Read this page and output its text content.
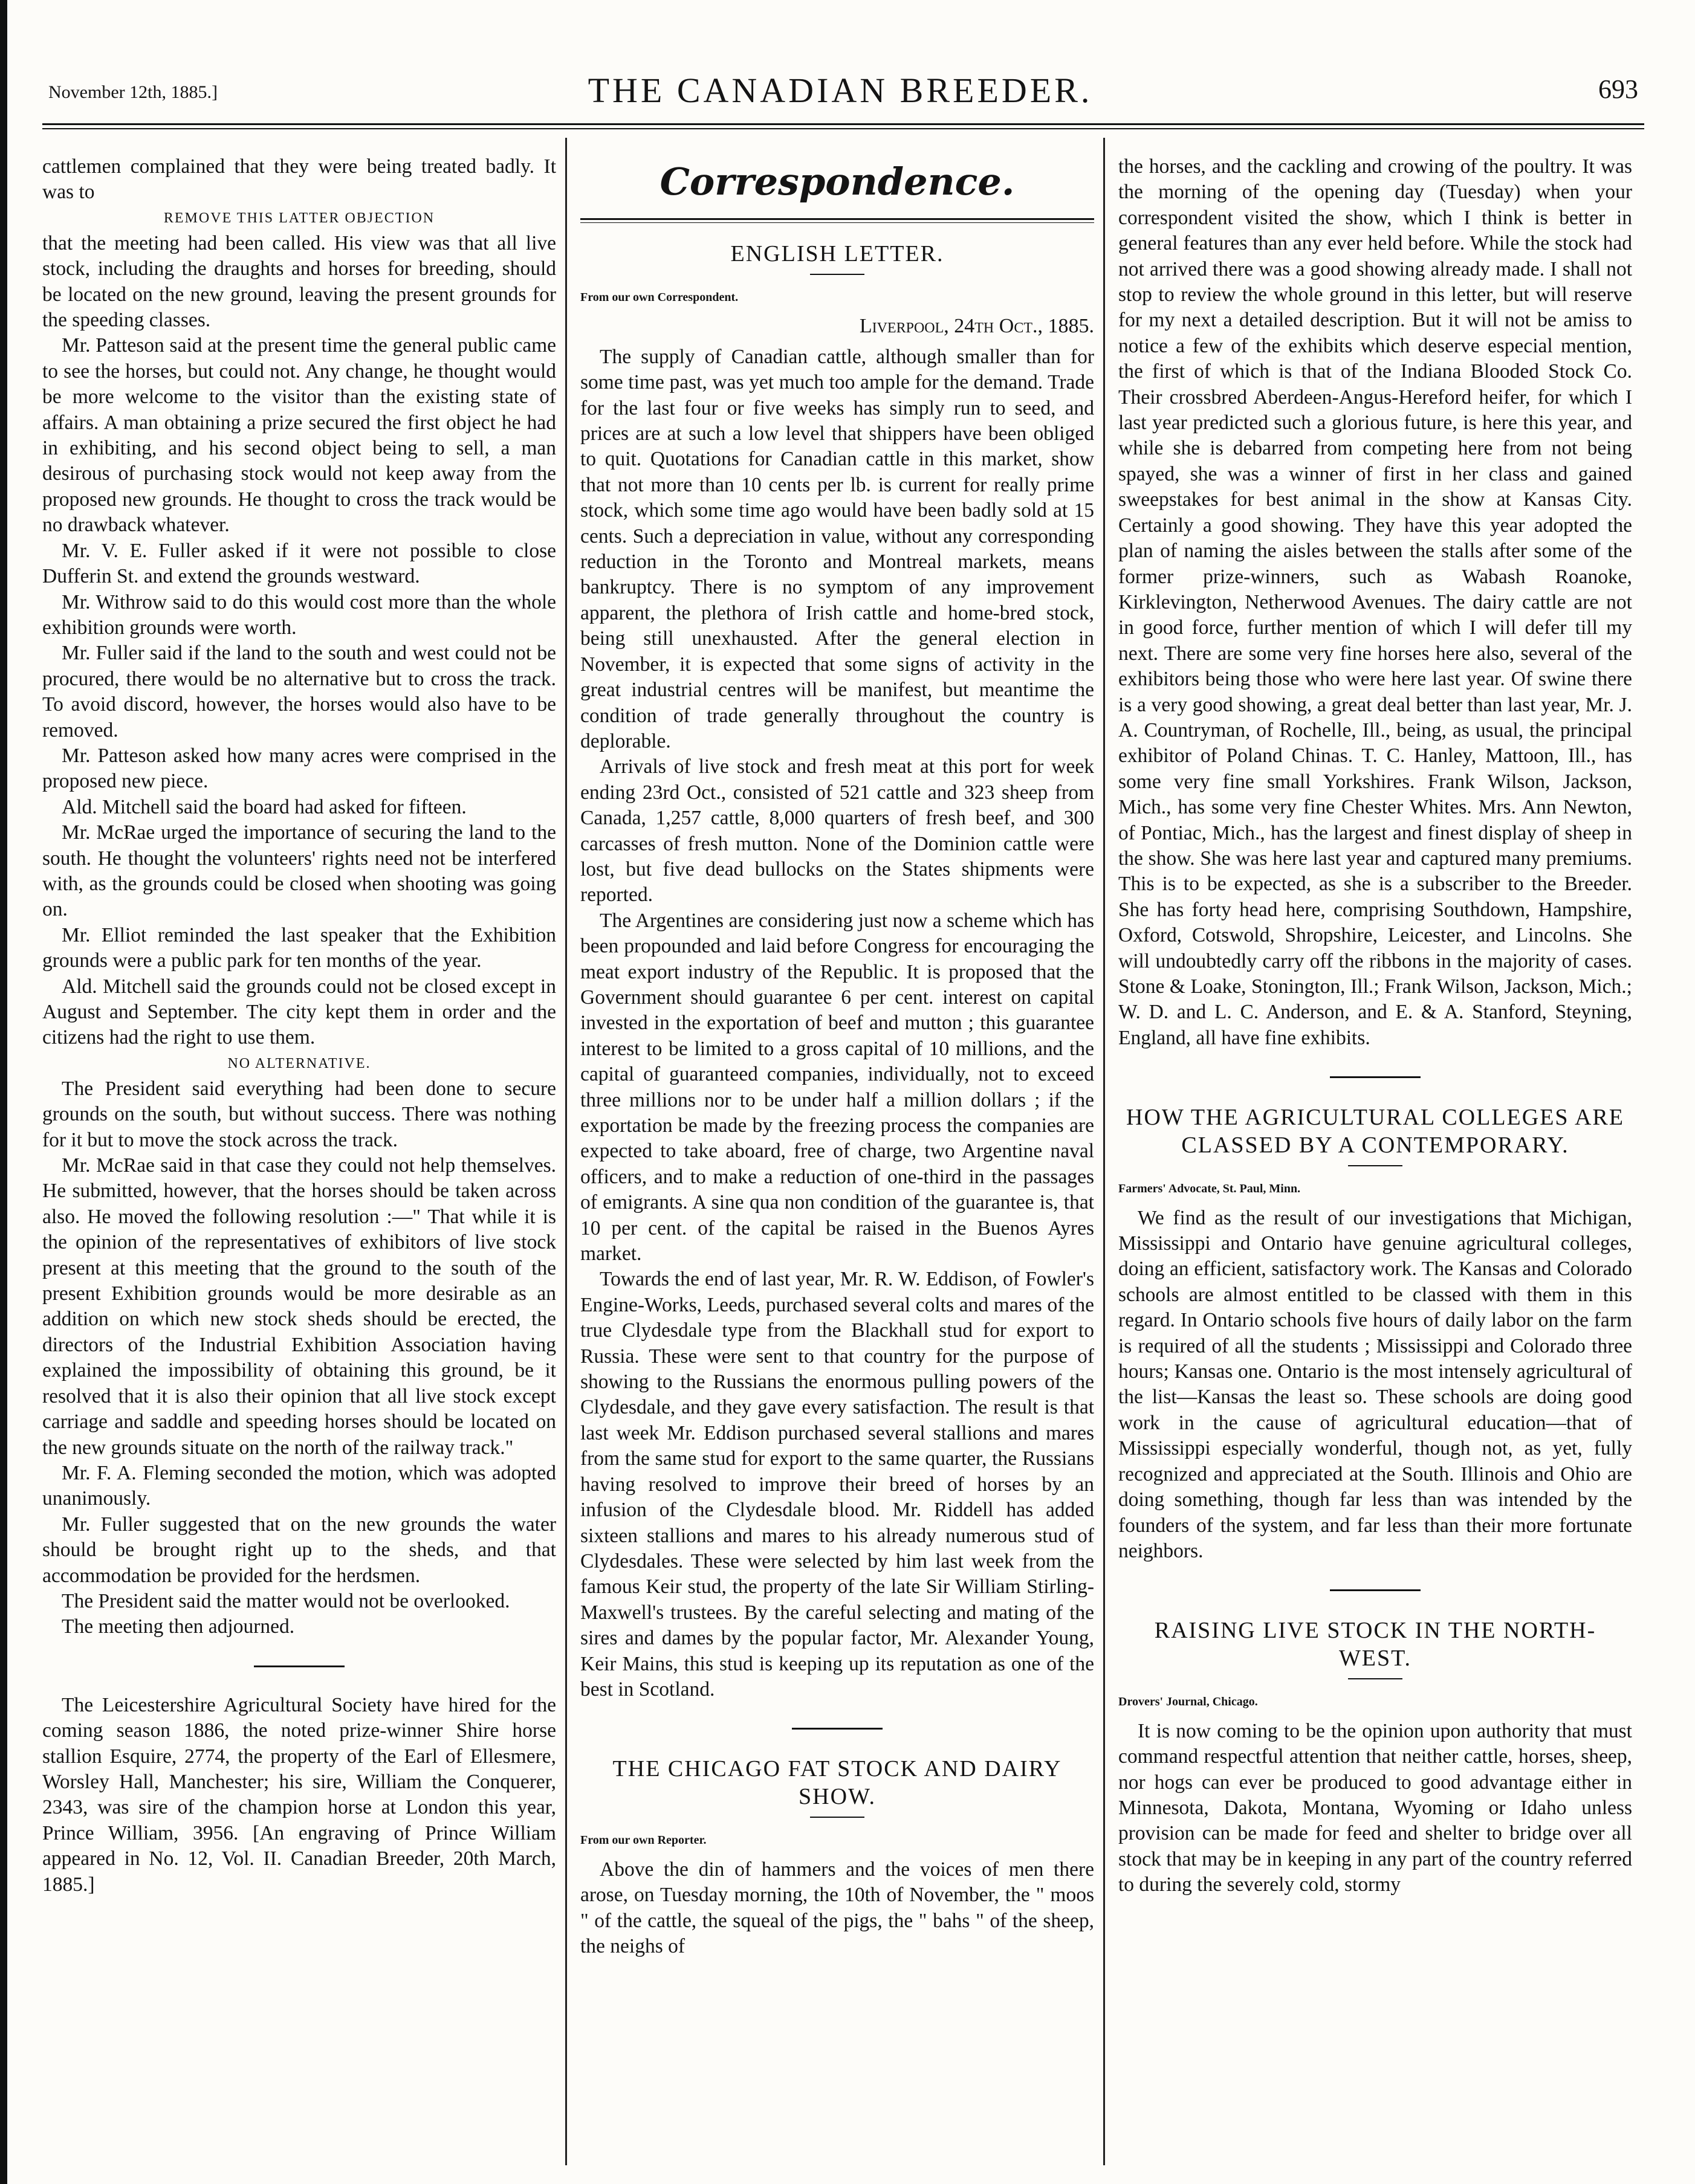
November 12th, 1885.]	THE CANADIAN BREEDER.	693

cattlemen complained that they were being treated badly. It was to

REMOVE THIS LATTER OBJECTION

that the meeting had been called. His view was that all live stock, including the draughts and horses for breeding, should be located on the new ground, leaving the present grounds for the speeding classes.

Mr. Patteson said at the present time the general public came to see the horses, but could not. Any change, he thought would be more welcome to the visitor than the existing state of affairs. A man obtaining a prize secured the first object he had in exhibiting, and his second object being to sell, a man desirous of purchasing stock would not keep away from the proposed new grounds. He thought to cross the track would be no drawback whatever.

Mr. V. E. Fuller asked if it were not possible to close Dufferin St. and extend the grounds westward.

Mr. Withrow said to do this would cost more than the whole exhibition grounds were worth.

Mr. Fuller said if the land to the south and west could not be procured, there would be no alternative but to cross the track. To avoid discord, however, the horses would also have to be removed.

Mr. Patteson asked how many acres were comprised in the proposed new piece.

Ald. Mitchell said the board had asked for fifteen.

Mr. McRae urged the importance of securing the land to the south. He thought the volunteers' rights need not be interfered with, as the grounds could be closed when shooting was going on.

Mr. Elliot reminded the last speaker that the Exhibition grounds were a public park for ten months of the year.

Ald. Mitchell said the grounds could not be closed except in August and September. The city kept them in order and the citizens had the right to use them.

NO ALTERNATIVE.

The President said everything had been done to secure grounds on the south, but without success. There was nothing for it but to move the stock across the track.

Mr. McRae said in that case they could not help themselves. He submitted, however, that the horses should be taken across also. He moved the following resolution :—" That while it is the opinion of the representatives of exhibitors of live stock present at this meeting that the ground to the south of the present Exhibition grounds would be more desirable as an addition on which new stock sheds should be erected, the directors of the Industrial Exhibition Association having explained the impossibility of obtaining this ground, be it resolved that it is also their opinion that all live stock except carriage and saddle and speeding horses should be located on the new grounds situate on the north of the railway track."

Mr. F. A. Fleming seconded the motion, which was adopted unanimously.

Mr. Fuller suggested that on the new grounds the water should be brought right up to the sheds, and that accommodation be provided for the herdsmen.

The President said the matter would not be overlooked.

The meeting then adjourned.

The Leicestershire Agricultural Society have hired for the coming season 1886, the noted prize-winner Shire horse stallion Esquire, 2774, the property of the Earl of Ellesmere, Worsley Hall, Manchester; his sire, William the Conquerer, 2343, was sire of the champion horse at London this year, Prince William, 3956. [An engraving of Prince William appeared in No. 12, Vol. II. Canadian Breeder, 20th March, 1885.]

Correspondence.
ENGLISH LETTER.
From our own Correspondent.
Liverpool, 24th Oct., 1885.

The supply of Canadian cattle, although smaller than for some time past, was yet much too ample for the demand. Trade for the last four or five weeks has simply run to seed, and prices are at such a low level that shippers have been obliged to quit. Quotations for Canadian cattle in this market, show that not more than 10 cents per lb. is current for really prime stock, which some time ago would have been badly sold at 15 cents. Such a depreciation in value, without any corresponding reduction in the Toronto and Montreal markets, means bankruptcy. There is no symptom of any improvement apparent, the plethora of Irish cattle and home-bred stock, being still unexhausted. After the general election in November, it is expected that some signs of activity in the great industrial centres will be manifest, but meantime the condition of trade generally throughout the country is deplorable.

Arrivals of live stock and fresh meat at this port for week ending 23rd Oct., consisted of 521 cattle and 323 sheep from Canada, 1,257 cattle, 8,000 quarters of fresh beef, and 300 carcasses of fresh mutton. None of the Dominion cattle were lost, but five dead bullocks on the States shipments were reported.

The Argentines are considering just now a scheme which has been propounded and laid before Congress for encouraging the meat export industry of the Republic. It is proposed that the Government should guarantee 6 per cent. interest on capital invested in the exportation of beef and mutton ; this guarantee interest to be limited to a gross capital of 10 millions, and the capital of guaranteed companies, individually, not to exceed three millions nor to be under half a million dollars ; if the exportation be made by the freezing process the companies are expected to take aboard, free of charge, two Argentine naval officers, and to make a reduction of one-third in the passages of emigrants. A sine qua non condition of the guarantee is, that 10 per cent. of the capital be raised in the Buenos Ayres market.

Towards the end of last year, Mr. R. W. Eddison, of Fowler's Engine-Works, Leeds, purchased several colts and mares of the true Clydesdale type from the Blackhall stud for export to Russia. These were sent to that country for the purpose of showing to the Russians the enormous pulling powers of the Clydesdale, and they gave every satisfaction. The result is that last week Mr. Eddison purchased several stallions and mares from the same stud for export to the same quarter, the Russians having resolved to improve their breed of horses by an infusion of the Clydesdale blood. Mr. Riddell has added sixteen stallions and mares to his already numerous stud of Clydesdales. These were selected by him last week from the famous Keir stud, the property of the late Sir William Stirling-Maxwell's trustees. By the careful selecting and mating of the sires and dames by the popular factor, Mr. Alexander Young, Keir Mains, this stud is keeping up its reputation as one of the best in Scotland.

THE CHICAGO FAT STOCK AND DAIRY SHOW.
From our own Reporter.

Above the din of hammers and the voices of men there arose, on Tuesday morning, the 10th of November, the " moos " of the cattle, the squeal of the pigs, the " bahs " of the sheep, the neighs of

the horses, and the cackling and crowing of the poultry. It was the morning of the opening day (Tuesday) when your correspondent visited the show, which I think is better in general features than any ever held before. While the stock had not arrived there was a good showing already made. I shall not stop to review the whole ground in this letter, but will reserve for my next a detailed description. But it will not be amiss to notice a few of the exhibits which deserve especial mention, the first of which is that of the Indiana Blooded Stock Co. Their crossbred Aberdeen-Angus-Hereford heifer, for which I last year predicted such a glorious future, is here this year, and while she is debarred from competing here from not being spayed, she was a winner of first in her class and gained sweepstakes for best animal in the show at Kansas City. Certainly a good showing. They have this year adopted the plan of naming the aisles between the stalls after some of the former prize-winners, such as Wabash Roanoke, Kirklevington, Netherwood Avenues. The dairy cattle are not in good force, further mention of which I will defer till my next. There are some very fine horses here also, several of the exhibitors being those who were here last year. Of swine there is a very good showing, a great deal better than last year, Mr. J. A. Countryman, of Rochelle, Ill., being, as usual, the principal exhibitor of Poland Chinas. T. C. Hanley, Mattoon, Ill., has some very fine small Yorkshires. Frank Wilson, Jackson, Mich., has some very fine Chester Whites. Mrs. Ann Newton, of Pontiac, Mich., has the largest and finest display of sheep in the show. She was here last year and captured many premiums. This is to be expected, as she is a subscriber to the Breeder. She has forty head here, comprising Southdown, Hampshire, Oxford, Cotswold, Shropshire, Leicester, and Lincolns. She will undoubtedly carry off the ribbons in the majority of cases. Stone & Loake, Stonington, Ill.; Frank Wilson, Jackson, Mich.; W. D. and L. C. Anderson, and E. & A. Stanford, Steyning, England, all have fine exhibits.

HOW THE AGRICULTURAL COLLEGES ARE CLASSED BY A CONTEMPORARY.
Farmers' Advocate, St. Paul, Minn.

We find as the result of our investigations that Michigan, Mississippi and Ontario have genuine agricultural colleges, doing an efficient, satisfactory work. The Kansas and Colorado schools are almost entitled to be classed with them in this regard. In Ontario schools five hours of daily labor on the farm is required of all the students ; Mississippi and Colorado three hours; Kansas one. Ontario is the most intensely agricultural of the list—Kansas the least so. These schools are doing good work in the cause of agricultural education—that of Mississippi especially wonderful, though not, as yet, fully recognized and appreciated at the South. Illinois and Ohio are doing something, though far less than was intended by the founders of the system, and far less than their more fortunate neighbors.

RAISING LIVE STOCK IN THE NORTH-WEST.
Drovers' Journal, Chicago.

It is now coming to be the opinion upon authority that must command respectful attention that neither cattle, horses, sheep, nor hogs can ever be produced to good advantage either in Minnesota, Dakota, Montana, Wyoming or Idaho unless provision can be made for feed and shelter to bridge over all stock that may be in keeping in any part of the country referred to during the severely cold, stormy
